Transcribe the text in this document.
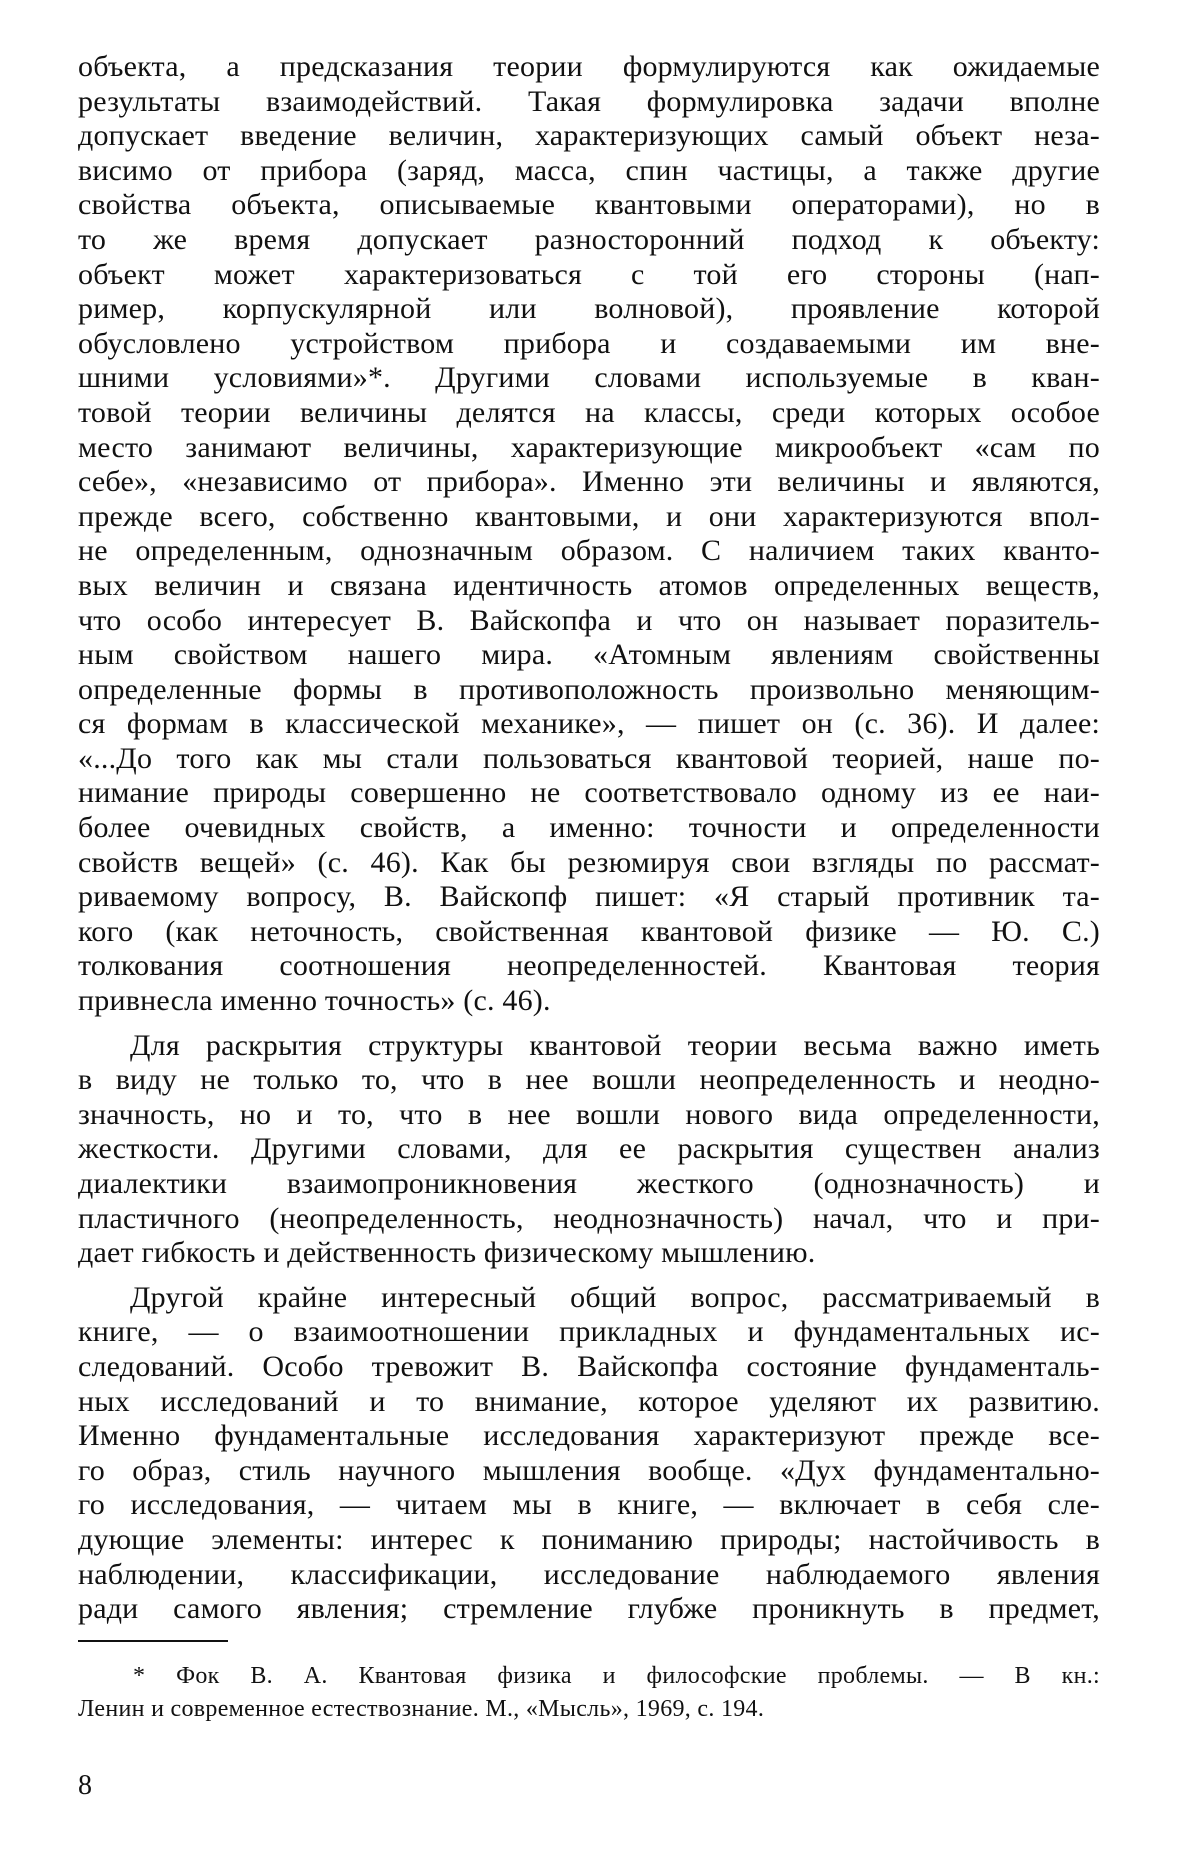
объекта, а предсказания теории формулируются как ожидаемые
результаты взаимодействий. Такая формулировка задачи вполне
допускает введение величин, характеризующих самый объект неза-
висимо от прибора (заряд, масса, спин частицы, а также другие
свойства объекта, описываемые квантовыми операторами), но в
то же время допускает разносторонний подход к объекту:
объект может характеризоваться с той его стороны (нап-
ример, корпускулярной или волновой), проявление которой
обусловлено устройством прибора и создаваемыми им вне-
шними условиями»*. Другими словами используемые в кван-
товой теории величины делятся на классы, среди которых особое
место занимают величины, характеризующие микрообъект «сам по
себе», «независимо от прибора». Именно эти величины и являются,
прежде всего, собственно квантовыми, и они характеризуются впол-
не определенным, однозначным образом. С наличием таких кванто-
вых величин и связана идентичность атомов определенных веществ,
что особо интересует В. Вайскопфа и что он называет поразитель-
ным свойством нашего мира. «Атомным явлениям свойственны
определенные формы в противоположность произвольно меняющим-
ся формам в классической механике», — пишет он (с. 36). И далее:
«...До того как мы стали пользоваться квантовой теорией, наше по-
нимание природы совершенно не соответствовало одному из ее наи-
более очевидных свойств, а именно: точности и определенности
свойств вещей» (с. 46). Как бы резюмируя свои взгляды по рассмат-
риваемому вопросу, В. Вайскопф пишет: «Я старый противник та-
кого (как неточность, свойственная квантовой физике — Ю. С.)
толкования соотношения неопределенностей. Квантовая теория
привнесла именно точность» (с. 46).
Для раскрытия структуры квантовой теории весьма важно иметь
в виду не только то, что в нее вошли неопределенность и неодно-
значность, но и то, что в нее вошли нового вида определенности,
жесткости. Другими словами, для ее раскрытия существен анализ
диалектики взаимопроникновения жесткого (однозначность) и
пластичного (неопределенность, неоднозначность) начал, что и при-
дает гибкость и действенность физическому мышлению.
Другой крайне интересный общий вопрос, рассматриваемый в
книге, — о взаимоотношении прикладных и фундаментальных ис-
следований. Особо тревожит В. Вайскопфа состояние фундаменталь-
ных исследований и то внимание, которое уделяют их развитию.
Именно фундаментальные исследования характеризуют прежде все-
го образ, стиль научного мышления вообще. «Дух фундаментально-
го исследования, — читаем мы в книге, — включает в себя сле-
дующие элементы: интерес к пониманию природы; настойчивость в
наблюдении, классификации, исследование наблюдаемого явления
ради самого явления; стремление глубже проникнуть в предмет,
* Фок В. А. Квантовая физика и философские проблемы. — В кн.:
Ленин и современное естествознание. М., «Мысль», 1969, с. 194.
8
